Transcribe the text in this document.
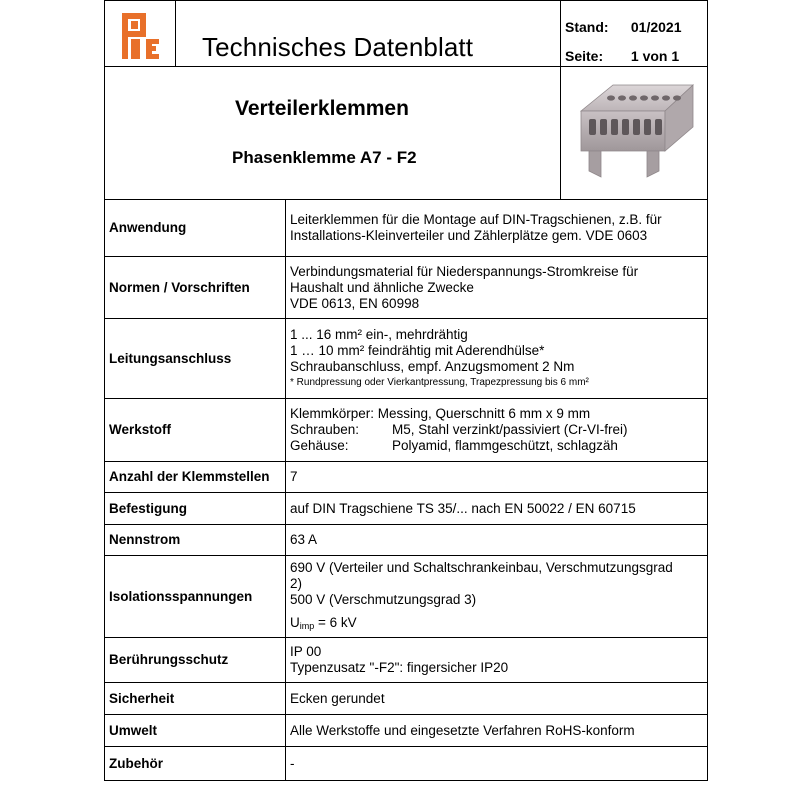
Technisches Datenblatt
Stand: 01/2021
Seite: 1 von 1
Verteilerklemmen
Phasenklemme A7 - F2
Anwendung	Leiterklemmen für die Montage auf DIN-Tragschienen, z.B. für
Installations-Kleinverteiler und Zählerplätze gem. VDE 0603

Normen / Vorschriften	Verbindungsmaterial für Niederspannungs-Stromkreise für
Haushalt und ähnliche Zwecke
VDE 0613, EN 60998

Leitungsanschluss	1 ... 16 mm² ein-, mehrdrähtig
1 … 10 mm² feindrähtig mit Aderendhülse*
Schraubanschluss, empf. Anzugsmoment 2 Nm
* Rundpressung oder Vierkantpressung, Trapezpressung bis 6 mm²

Werkstoff	Klemmkörper: Messing, Querschnitt 6 mm x 9 mm
Schrauben: M5, Stahl verzinkt/passiviert (Cr-VI-frei)
Gehäuse: Polyamid, flammgeschützt, schlagzäh

Anzahl der Klemmstellen	7
Befestigung	auf DIN Tragschiene TS 35/... nach EN 50022 / EN 60715
Nennstrom	63 A
Isolationsspannungen	690 V (Verteiler und Schaltschrankeinbau, Verschmutzungsgrad
2)
500 V (Verschmutzungsgrad 3)
$U_{imp} = 6$ kV

Berührungsschutz	IP 00
Typenzusatz "-F2": fingersicher IP20

Sicherheit	Ecken gerundet
Umwelt	Alle Werkstoffe und eingesetzte Verfahren RoHS-konform
Zubehör	-
